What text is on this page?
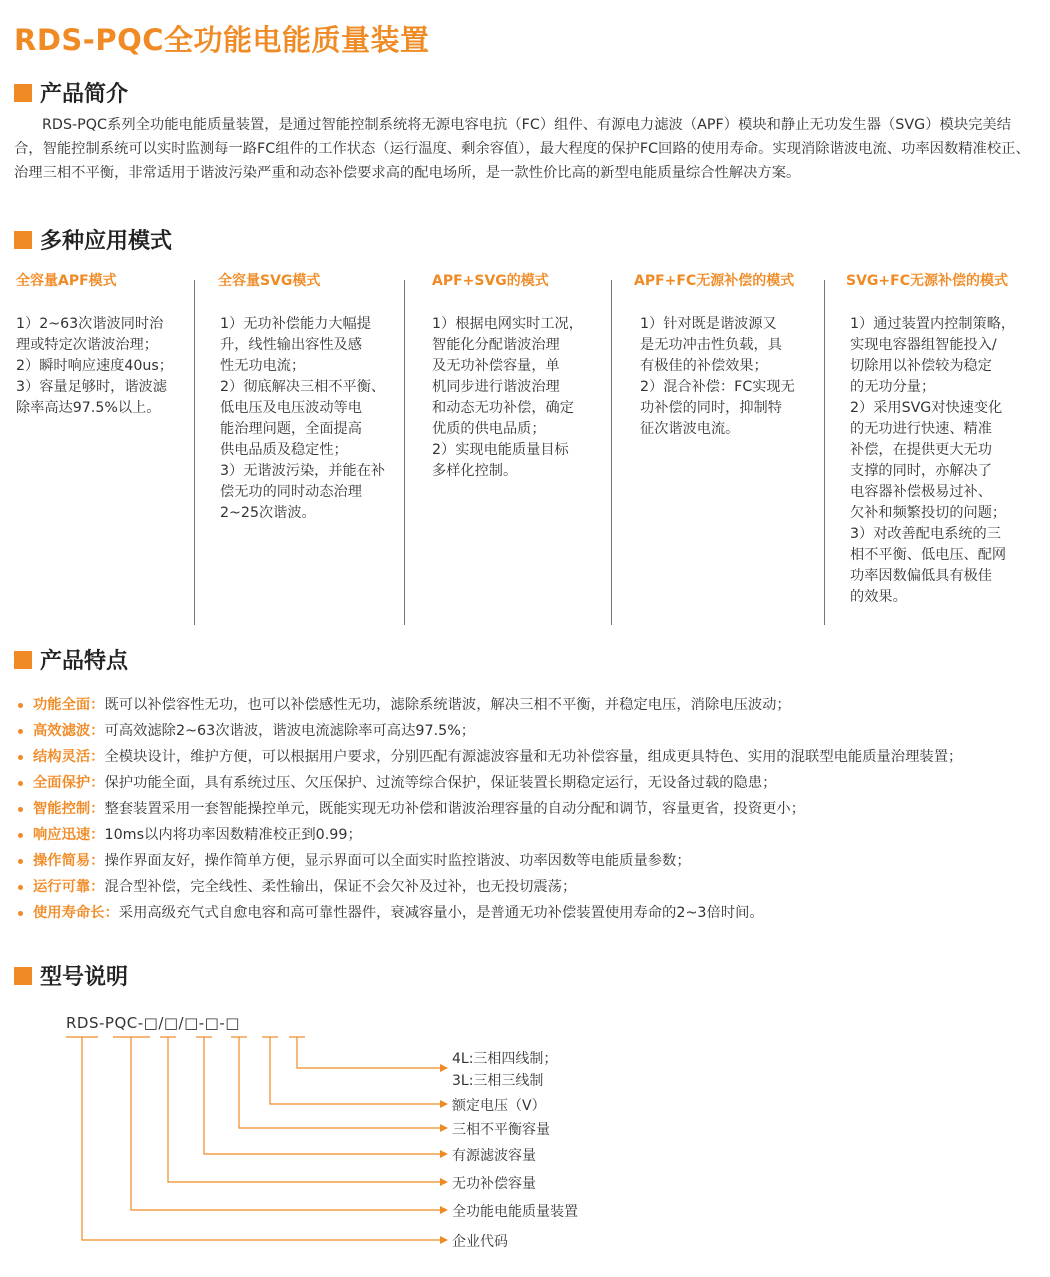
RDS-PQC全功能电能质量装置
产品简介
RDS-PQC系列全功能电能质量装置，是通过智能控制系统将无源电容电抗（FC）组件、有源电力滤波（APF）模块和静止无功发生器（SVG）模块完美结合，智能控制系统可以实时监测每一路FC组件的工作状态（运行温度、剩余容值），最大程度的保护FC回路的使用寿命。实现消除谐波电流、功率因数精准校正、治理三相不平衡，非常适用于谐波污染严重和动态补偿要求高的配电场所，是一款性价比高的新型电能质量综合性解决方案。
多种应用模式
全容量APF模式
1）2~63次谐波同时治
理或特定次谐波治理；
2）瞬时响应速度40us；
3）容量足够时，谐波滤
除率高达97.5%以上。
全容量SVG模式
1）无功补偿能力大幅提
升，线性输出容性及感
性无功电流；
2）彻底解决三相不平衡、
低电压及电压波动等电
能治理问题，全面提高
供电品质及稳定性；
3）无谐波污染，并能在补
偿无功的同时动态治理
2~25次谐波。
APF+SVG的模式
1）根据电网实时工况，
智能化分配谐波治理
及无功补偿容量，单
机同步进行谐波治理
和动态无功补偿，确定
优质的供电品质；
2）实现电能质量目标
多样化控制。
APF+FC无源补偿的模式
1）针对既是谐波源又
是无功冲击性负载，具
有极佳的补偿效果；
2）混合补偿：FC实现无
功补偿的同时，抑制特
征次谐波电流。
SVG+FC无源补偿的模式
1）通过装置内控制策略，
实现电容器组智能投入/
切除用以补偿较为稳定
的无功分量；
2）采用SVG对快速变化
的无功进行快速、精准
补偿，在提供更大无功
支撑的同时，亦解决了
电容器补偿极易过补、
欠补和频繁投切的问题；
3）对改善配电系统的三
相不平衡、低电压、配网
功率因数偏低具有极佳
的效果。
产品特点
功能全面： 既可以补偿容性无功，也可以补偿感性无功，滤除系统谐波，解决三相不平衡，并稳定电压，消除电压波动；
高效滤波： 可高效滤除2~63次谐波，谐波电流滤除率可高达97.5%；
结构灵活： 全模块设计，维护方便，可以根据用户要求，分别匹配有源滤波容量和无功补偿容量，组成更具特色、实用的混联型电能质量治理装置；
全面保护： 保护功能全面，具有系统过压、欠压保护、过流等综合保护，保证装置长期稳定运行，无设备过载的隐患；
智能控制： 整套装置采用一套智能操控单元，既能实现无功补偿和谐波治理容量的自动分配和调节，容量更省，投资更小；
响应迅速： 10ms以内将功率因数精准校正到0.99；
操作简易： 操作界面友好，操作简单方便，显示界面可以全面实时监控谐波、功率因数等电能质量参数；
运行可靠： 混合型补偿，完全线性、柔性输出，保证不会欠补及过补，也无投切震荡；
使用寿命长： 采用高级充气式自愈电容和高可靠性器件，衰减容量小，是普通无功补偿装置使用寿命的2~3倍时间。
型号说明
RDS-PQC-□/□/□-□-□
4L:三相四线制；
3L:三相三线制
额定电压（V）
三相不平衡容量
有源滤波容量
无功补偿容量
全功能电能质量装置
企业代码
